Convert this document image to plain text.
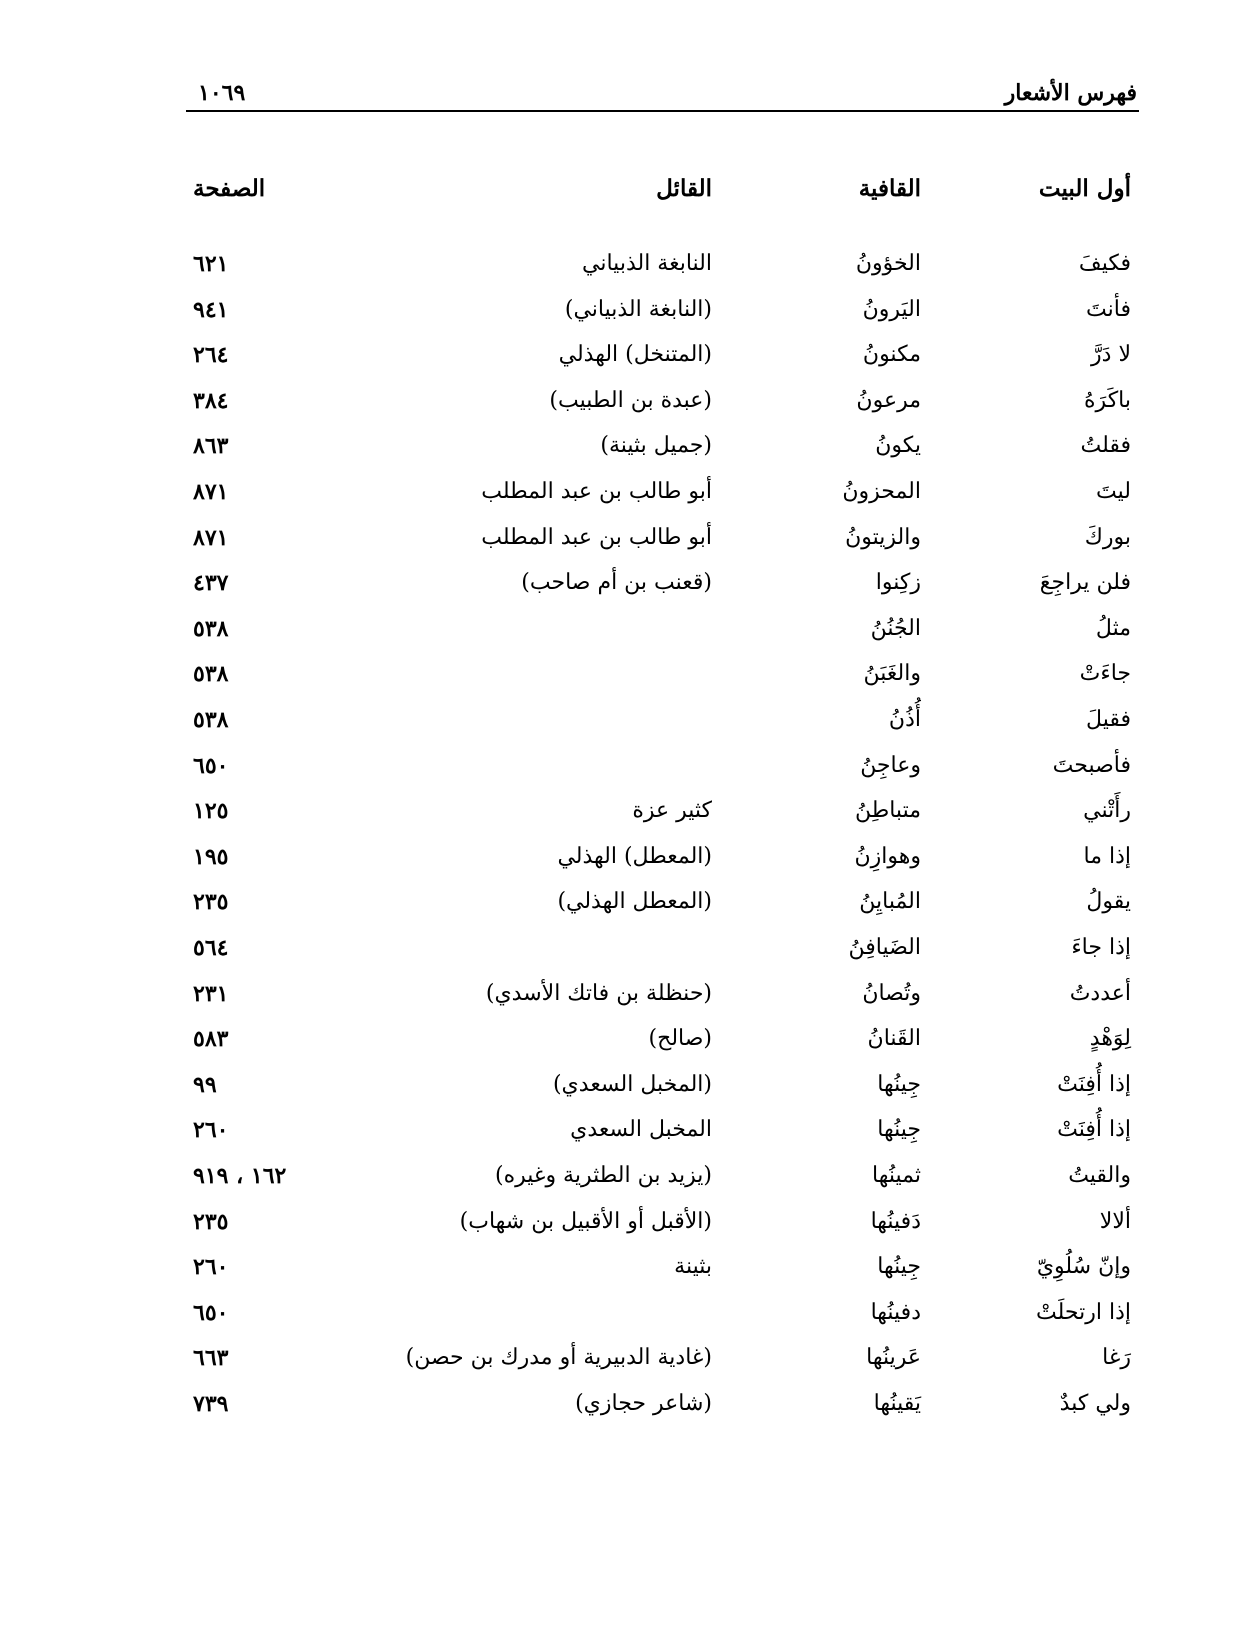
فهرس الأشعار
١٠٦٩
أول البيت
القافية
القائل
الصفحة
فكيفَ
الخؤونُ
النابغة الذبياني
٦٢١
فأنتَ
اليَرونُ
(النابغة الذبياني)
٩٤١
لا دَرَّ
مكنونُ
(المتنخل) الهذلي
٢٦٤
باكَرَهُ
مرعونُ
(عبدة بن الطبيب)
٣٨٤
فقلتُ
يكونُ
(جميل بثينة)
٨٦٣
ليتَ
المحزونُ
أبو طالب بن عبد المطلب
٨٧١
بوركَ
والزيتونُ
أبو طالب بن عبد المطلب
٨٧١
فلن يراجِعَ
زكِنوا
(قعنب بن أم صاحب)
٤٣٧
مثلُ
الجُنُنُ
٥٣٨
جاءَتْ
والغَبَنُ
٥٣٨
فقيلَ
أُذُنُ
٥٣٨
فأصبحتَ
وعاجِنُ
٦٥٠
رأَتْني
متباطِنُ
كثير عزة
١٢٥
إذا ما
وهوازِنُ
(المعطل) الهذلي
١٩٥
يقولُ
المُبايِنُ
(المعطل الهذلي)
٢٣٥
إذا جاءَ
الضَيافِنُ
٥٦٤
أعددتُ
وتُصانُ
(حنظلة بن فاتك الأسدي)
٢٣١
لِوَهْدٍ
القَنانُ
(صالح)
٥٨٣
إذا أُفِنَتْ
جِينُها
(المخبل السعدي)
٩٩
إذا أُفِنَتْ
جِينُها
المخبل السعدي
٢٦٠
والقيتُ
ثمينُها
(يزيد بن الطثرية وغيره)
١٦٢ ، ٩١٩
ألالا
دَفينُها
(الأقبل أو الأقبيل بن شهاب)
٢٣٥
وإنّ سُلُوِيّ
جِينُها
بثينة
٢٦٠
إذا ارتحلَتْ
دفينُها
٦٥٠
رَغا
عَرينُها
(غادية الدبيرية أو مدرك بن حصن)
٦٦٣
ولي كبدٌ
يَقينُها
(شاعر حجازي)
٧٣٩
